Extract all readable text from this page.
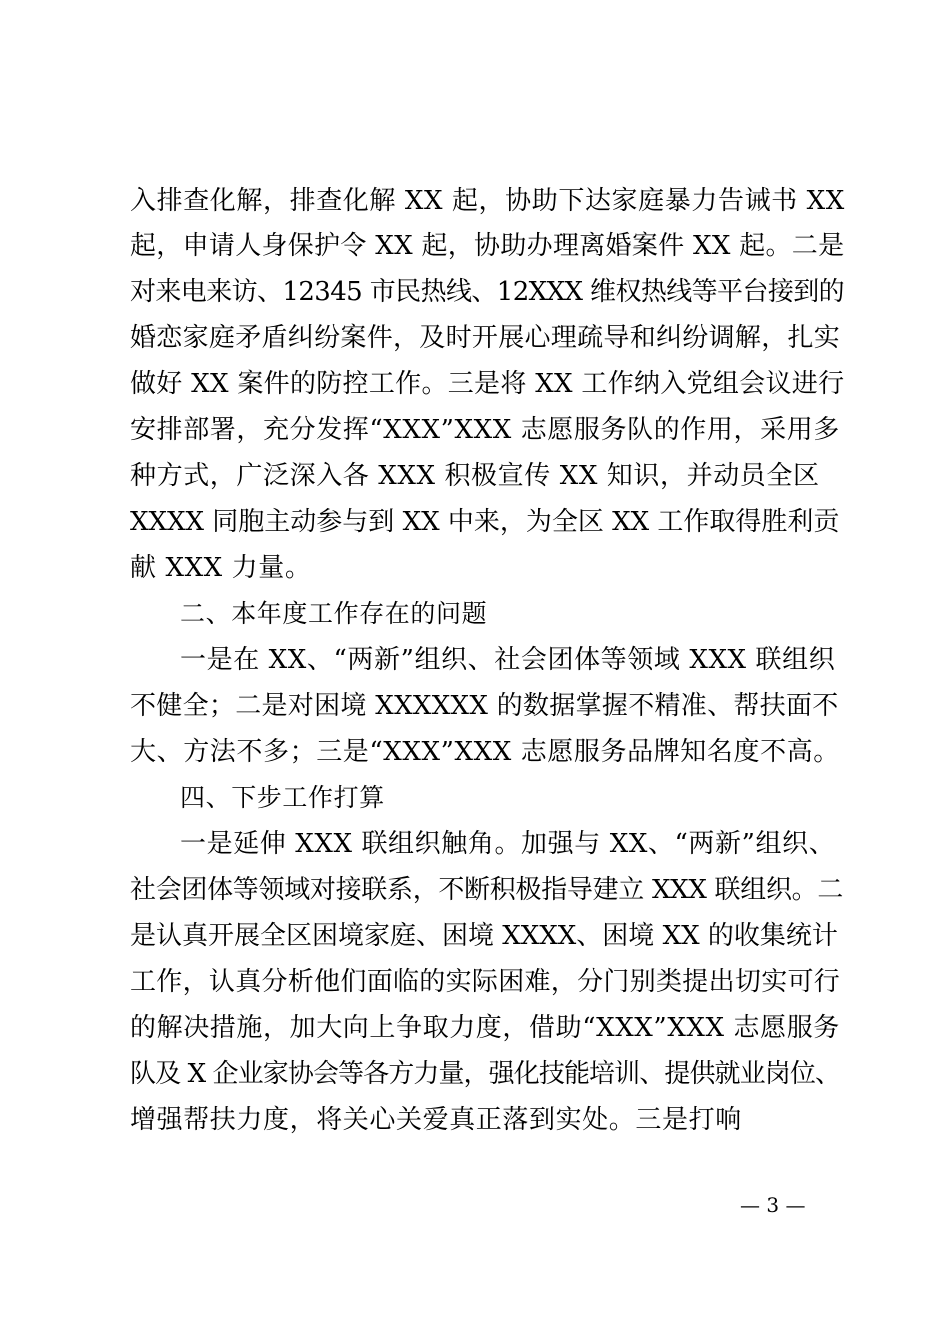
入排查化解，排查化解 XX 起，协助下达家庭暴力告诫书 XX
起，申请人身保护令 XX 起，协助办理离婚案件 XX 起。二是
对来电来访、12345 市民热线、12XXX 维权热线等平台接到的
婚恋家庭矛盾纠纷案件，及时开展心理疏导和纠纷调解，扎实
做好 XX 案件的防控工作。三是将 XX 工作纳入党组会议进行
安排部署，充分发挥“XXX”XXX 志愿服务队的作用，采用多
种方式，广泛深入各 XXX 积极宣传 XX 知识，并动员全区
XXXX 同胞主动参与到 XX 中来，为全区 XX 工作取得胜利贡
献 XXX 力量。
二、本年度工作存在的问题
一是在 XX、“两新”组织、社会团体等领域 XXX 联组织
不健全；二是对困境 XXXXXX 的数据掌握不精准、帮扶面不
大、方法不多；三是“XXX”XXX 志愿服务品牌知名度不高。
四、下步工作打算
一是延伸 XXX 联组织触角。加强与 XX、“两新”组织、
社会团体等领域对接联系，不断积极指导建立 XXX 联组织。二
是认真开展全区困境家庭、困境 XXXX、困境 XX 的收集统计
工作，认真分析他们面临的实际困难，分门别类提出切实可行
的解决措施，加大向上争取力度，借助“XXX”XXX 志愿服务
队及 X 企业家协会等各方力量，强化技能培训、提供就业岗位、
增强帮扶力度，将关心关爱真正落到实处。三是打响
— 3 —
